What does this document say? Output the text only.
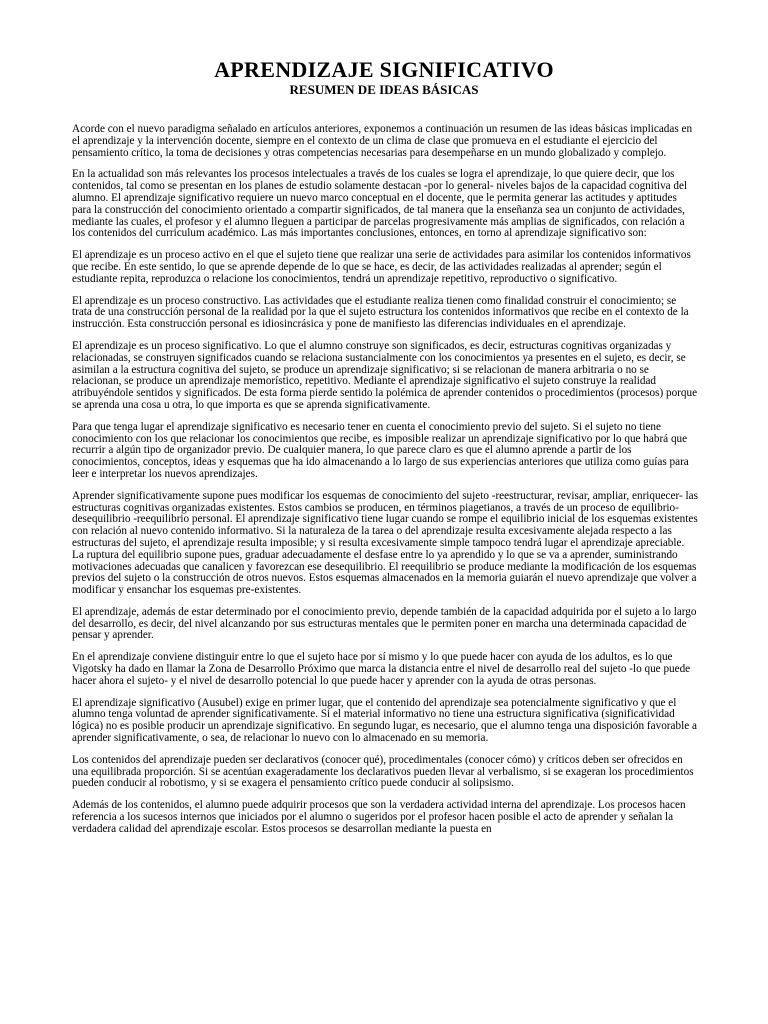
APRENDIZAJE SIGNIFICATIVO
RESUMEN DE IDEAS BÁSICAS

Acorde con el nuevo paradigma señalado en artículos anteriores, exponemos a continuación un resumen de las ideas básicas implicadas en el aprendizaje y la intervención docente, siempre en el contexto de un clima de clase que promueva en el estudiante el ejercicio del pensamiento crítico, la toma de decisiones y otras competencias necesarias para desempeñarse en un mundo globalizado y complejo.

En la actualidad son más relevantes los procesos intelectuales a través de los cuales se logra el aprendizaje, lo que quiere decir, que los contenidos, tal como se presentan en los planes de estudio solamente destacan -por lo general- niveles bajos de la capacidad cognitiva del alumno. El aprendizaje significativo requiere un nuevo marco conceptual en el docente, que le permita generar las actitudes y aptitudes para la construcción del conocimiento orientado a compartir significados, de tal manera que la enseñanza sea un conjunto de actividades, mediante las cuales, el profesor y el alumno lleguen a participar de parcelas progresivamente más amplias de significados, con relación a los contenidos del curriculum académico. Las más importantes conclusiones, entonces, en torno al aprendizaje significativo son:

El aprendizaje es un proceso activo en el que el sujeto tiene que realizar una serie de actividades para asimilar los contenidos informativos que recibe. En este sentido, lo que se aprende depende de lo que se hace, es decir, de las actividades realizadas al aprender; según el estudiante repita, reproduzca o relacione los conocimientos, tendrá un aprendizaje repetitivo, reproductivo o significativo.

El aprendizaje es un proceso constructivo. Las actividades que el estudiante realiza tienen como finalidad construir el conocimiento; se trata de una construcción personal de la realidad por la que el sujeto estructura los contenidos informativos que recibe en el contexto de la instrucción. Esta construcción personal es idiosincrásica y pone de manifiesto las diferencias individuales en el aprendizaje.

El aprendizaje es un proceso significativo. Lo que el alumno construye son significados, es decir, estructuras cognitivas organizadas y relacionadas, se construyen significados cuando se relaciona sustancialmente con los conocimientos ya presentes en el sujeto, es decir, se asimilan a la estructura cognitiva del sujeto, se produce un aprendizaje significativo; si se relacionan de manera arbitraria o no se relacionan, se produce un aprendizaje memorístico, repetitivo. Mediante el aprendizaje significativo el sujeto construye la realidad atribuyéndole sentidos y significados. De esta forma pierde sentido la polémica de aprender contenidos o procedimientos (procesos) porque se aprenda una cosa u otra, lo que importa es que se aprenda significativamente.

Para que tenga lugar el aprendizaje significativo es necesario tener en cuenta el conocimiento previo del sujeto. Si el sujeto no tiene conocimiento con los que relacionar los conocimientos que recibe, es imposible realizar un aprendizaje significativo por lo que habrá que recurrir a algún tipo de organizador previo. De cualquier manera, lo que parece claro es que el alumno aprende a partir de los conocimientos, conceptos, ideas y esquemas que ha ido almacenando a lo largo de sus experiencias anteriores que utiliza como guías para leer e interpretar los nuevos aprendizajes.

Aprender significativamente supone pues modificar los esquemas de conocimiento del sujeto -reestructurar, revisar, ampliar, enriquecer- las estructuras cognitivas organizadas existentes. Estos cambios se producen, en términos piagetianos, a través de un proceso de equilibrio-desequilibrio -reequilibrio personal. El aprendizaje significativo tiene lugar cuando se rompe el equilibrio inicial de los esquemas existentes con relación al nuevo contenido informativo. Si la naturaleza de la tarea o del aprendizaje resulta excesivamente alejada respecto a las estructuras del sujeto, el aprendizaje resulta imposible; y si resulta excesivamente simple tampoco tendrá lugar el aprendizaje apreciable. La ruptura del equilibrio supone pues, graduar adecuadamente el desfase entre lo ya aprendido y lo que se va a aprender, suministrando motivaciones adecuadas que canalicen y favorezcan ese desequilibrio. El reequilibrio se produce mediante la modificación de los esquemas previos del sujeto o la construcción de otros nuevos. Estos esquemas almacenados en la memoria guiarán el nuevo aprendizaje que volver a modificar y ensanchar los esquemas pre-existentes.

El aprendizaje, además de estar determinado por el conocimiento previo, depende también de la capacidad adquirida por el sujeto a lo largo del desarrollo, es decir, del nivel alcanzando por sus estructuras mentales que le permiten poner en marcha una determinada capacidad de pensar y aprender.

En el aprendizaje conviene distinguir entre lo que el sujeto hace por sí mismo y lo que puede hacer con ayuda de los adultos, es lo que Vigotsky ha dado en llamar la Zona de Desarrollo Próximo que marca la distancia entre el nivel de desarrollo real del sujeto -lo que puede hacer ahora el sujeto- y el nivel de desarrollo potencial lo que puede hacer y aprender con la ayuda de otras personas.

El aprendizaje significativo (Ausubel) exige en primer lugar, que el contenido del aprendizaje sea potencialmente significativo y que el alumno tenga voluntad de aprender significativamente. Si el material informativo no tiene una estructura significativa (significatividad lógica) no es posible producir un aprendizaje significativo. En segundo lugar, es necesario, que el alumno tenga una disposición favorable a aprender significativamente, o sea, de relacionar lo nuevo con lo almacenado en su memoria.

Los contenidos del aprendizaje pueden ser declarativos (conocer qué), procedimentales (conocer cómo) y críticos deben ser ofrecidos en una equilibrada proporción. Si se acentúan exageradamente los declarativos pueden llevar al verbalismo, si se exageran los procedimientos pueden conducir al robotismo, y si se exagera el pensamiento crítico puede conducir al solipsismo.

Además de los contenidos, el alumno puede adquirir procesos que son la verdadera actividad interna del aprendizaje. Los procesos hacen referencia a los sucesos internos que iniciados por el alumno o sugeridos por el profesor hacen posible el acto de aprender y señalan la verdadera calidad del aprendizaje escolar. Estos procesos se desarrollan mediante la puesta en
